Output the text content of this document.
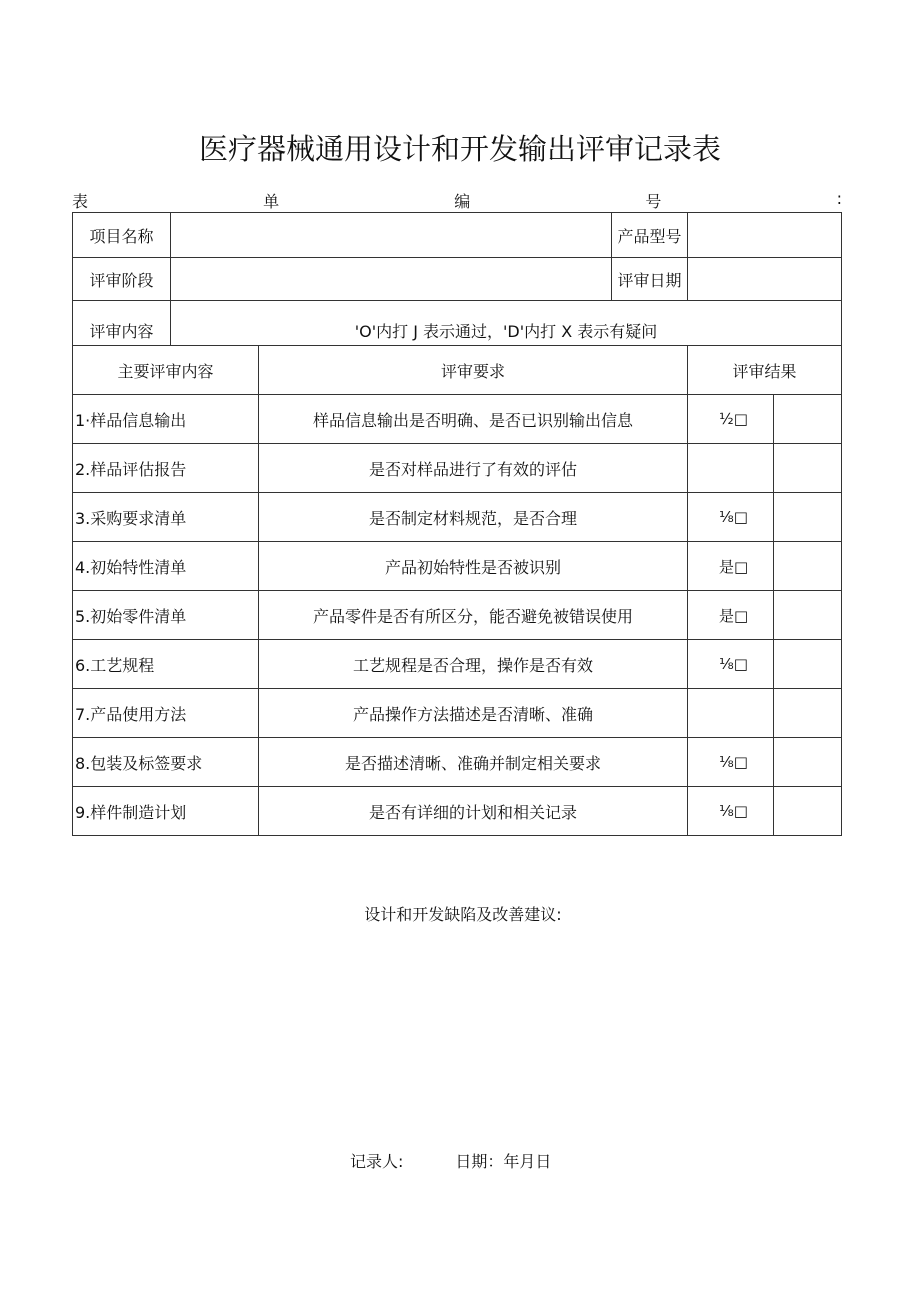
医疗器械通用设计和开发输出评审记录表
表	单	编	号	:
项目名称			产品型号		
评审阶段			评审日期		
评审内容	'O'内打 J 表示通过，'D'内打 X 表示有疑问				
主要评审内容		评审要求		评审结果	
1·样品信息输出		样品信息输出是否明确、是否已识别输出信息		½□	
2.样品评估报告		是否对样品进行了有效的评估			
3.采购要求清单		是否制定材料规范，是否合理		⅛□	
4.初始特性清单		产品初始特性是否被识别		是□	
5.初始零件清单		产品零件是否有所区分，能否避免被错误使用		是□	
6.工艺规程		工艺规程是否合理，操作是否有效		⅛□	
7.产品使用方法		产品操作方法描述是否清晰、准确			
8.包装及标签要求		是否描述清晰、准确并制定相关要求		⅛□	
9.样件制造计划		是否有详细的计划和相关记录		⅛□	
设计和开发缺陷及改善建议:
记录人:	日期：年月日
